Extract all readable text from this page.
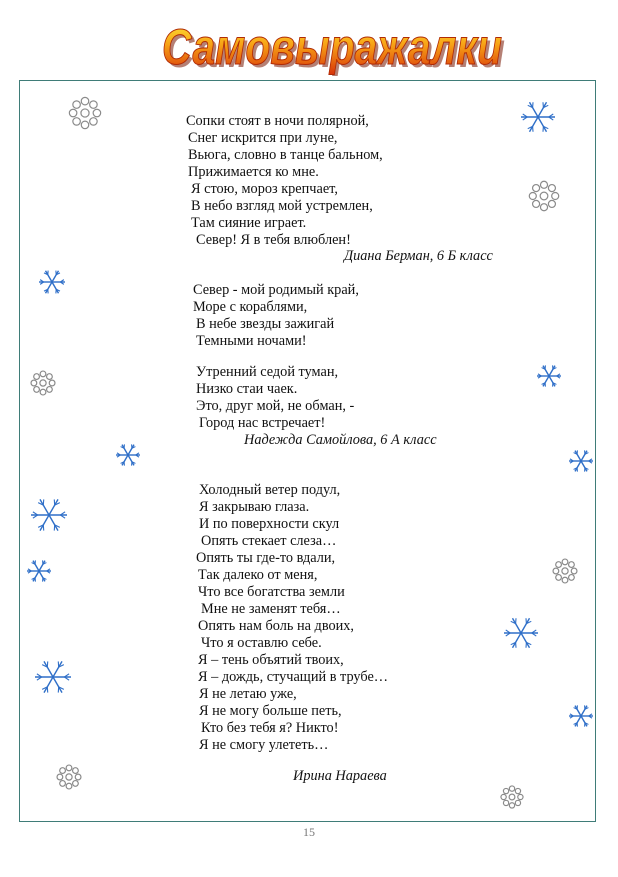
Самовыражалки
Самовыражалки
Сопки стоят в ночи полярной,
Снег искрится при луне,
Вьюга, словно в танце бальном,
Прижимается ко мне.
Я стою, мороз крепчает,
В небо взгляд мой устремлен,
Там сияние играет.
Север! Я в тебя влюблен!
Диана Берман, 6 Б класс
Север - мой родимый край,
Море с кораблями,
В небе звезды зажигай
Темными ночами!
Утренний седой туман,
Низко стаи чаек.
Это, друг мой, не обман, -
Город нас встречает!
Надежда Самойлова, 6 А класс
Холодный ветер подул,
Я закрываю глаза.
И по поверхности скул
Опять стекает слеза…
Опять ты где-то вдали,
Так далеко от меня,
Что все богатства земли
Мне не заменят тебя…
Опять нам боль на двоих,
Что я оставлю себе.
Я – тень объятий твоих,
Я – дождь, стучащий в трубе…
Я не летаю уже,
Я не могу больше петь,
Кто без тебя я? Никто!
Я не смогу улететь…
Ирина Нараева
15
